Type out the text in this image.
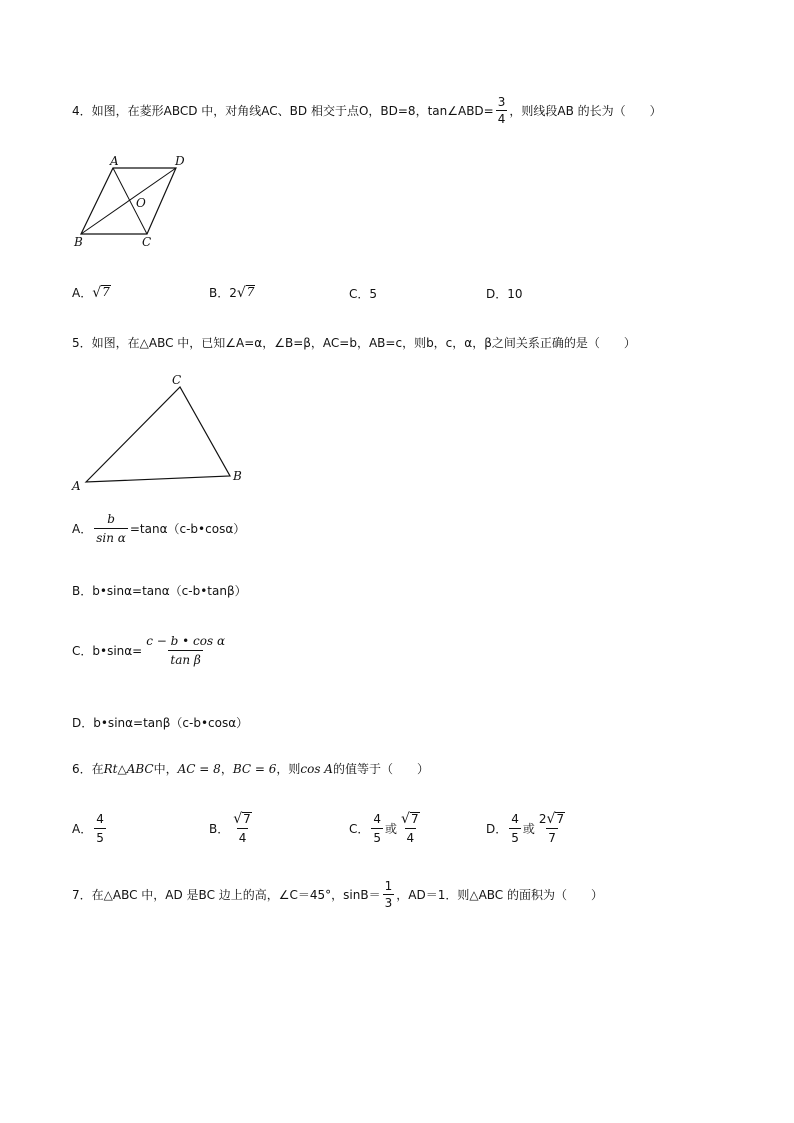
4．如图，在菱形ABCD 中，对角线AC、BD 相交于点O，BD=8，tan∠ABD= $\frac{3}{4}$ ，则线段AB 的长为（　　）
A	D
B	C
O
A． √ 7	B．2 √ 7	C．5	D．10
5．如图，在△ABC 中，已知∠A=α，∠B=β，AC=b，AB=c，则b，c，α，β之间关系正确的是（　　）
C
A
B
A． $\frac{b}{\text{sin α}}$ =tanα（c-b•cosα）
B．b•sinα=tanα（c-b•tanβ）
C．b•sinα= $\frac{\text{c − b • cos α}}{\text{tan β}}$
D．b•sinα=tanβ（c-b•cosα）
6．在 Rt△ABC 中， AC = 8 ， BC = 6 ，则 cos A 的值等于（　　）
A． $\frac{4}{5}$	B． $\frac{√ 7}{4}$	C． $\frac{4}{5}$ 或 $\frac{√ 7}{4}$	D． $\frac{4}{5}$ 或 $\frac{2 √ 7}{7}$
7．在△ABC 中，AD 是BC 边上的高，∠C＝45°，$\sin B= \frac{1}{3}$ ，AD＝1．则△ABC 的面积为（　　）
